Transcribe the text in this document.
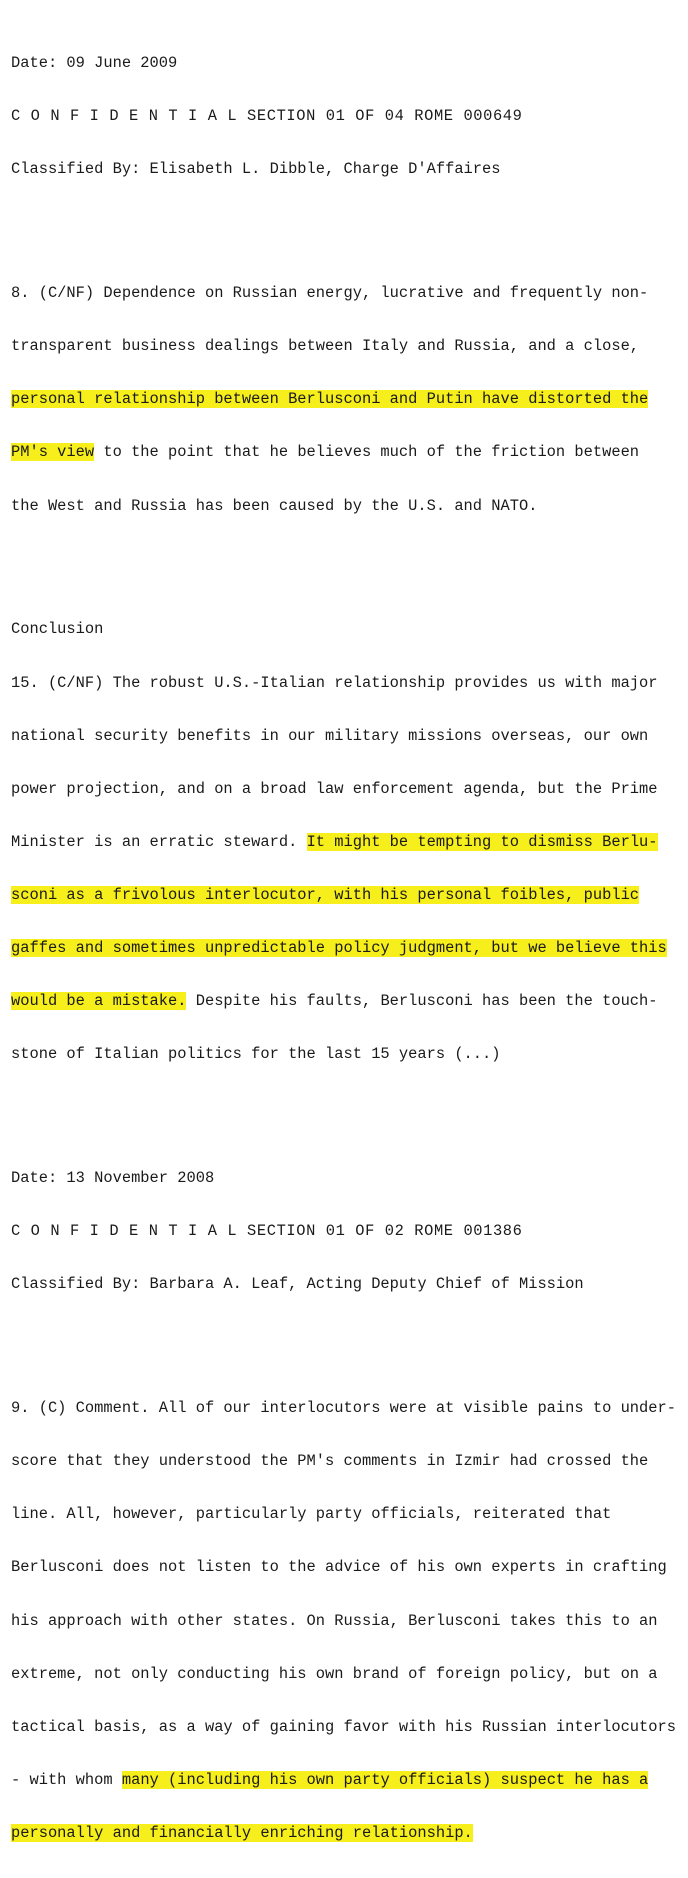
Date: 09 June 2009

C O N F I D E N T I A L SECTION 01 OF 04 ROME 000649

Classified By: Elisabeth L. Dibble, Charge D'Affaires

8. (C/NF) Dependence on Russian energy, lucrative and frequently non-

transparent business dealings between Italy and Russia, and a close,

personal relationship between Berlusconi and Putin have distorted the

PM's view to the point that he believes much of the friction between

the West and Russia has been caused by the U.S. and NATO.

Conclusion

15. (C/NF) The robust U.S.-Italian relationship provides us with major

national security benefits in our military missions overseas, our own

power projection, and on a broad law enforcement agenda, but the Prime

Minister is an erratic steward. It might be tempting to dismiss Berlu-

sconi as a frivolous interlocutor, with his personal foibles, public

gaffes and sometimes unpredictable policy judgment, but we believe this

would be a mistake. Despite his faults, Berlusconi has been the touch-

stone of Italian politics for the last 15 years (...)

Date: 13 November 2008

C O N F I D E N T I A L SECTION 01 OF 02 ROME 001386

Classified By: Barbara A. Leaf, Acting Deputy Chief of Mission

9. (C) Comment. All of our interlocutors were at visible pains to under-

score that they understood the PM's comments in Izmir had crossed the

line. All, however, particularly party officials, reiterated that

Berlusconi does not listen to the advice of his own experts in crafting

his approach with other states. On Russia, Berlusconi takes this to an

extreme, not only conducting his own brand of foreign policy, but on a

tactical basis, as a way of gaining favor with his Russian interlocutors

- with whom many (including his own party officials) suspect he has a

personally and financially enriching relationship.
